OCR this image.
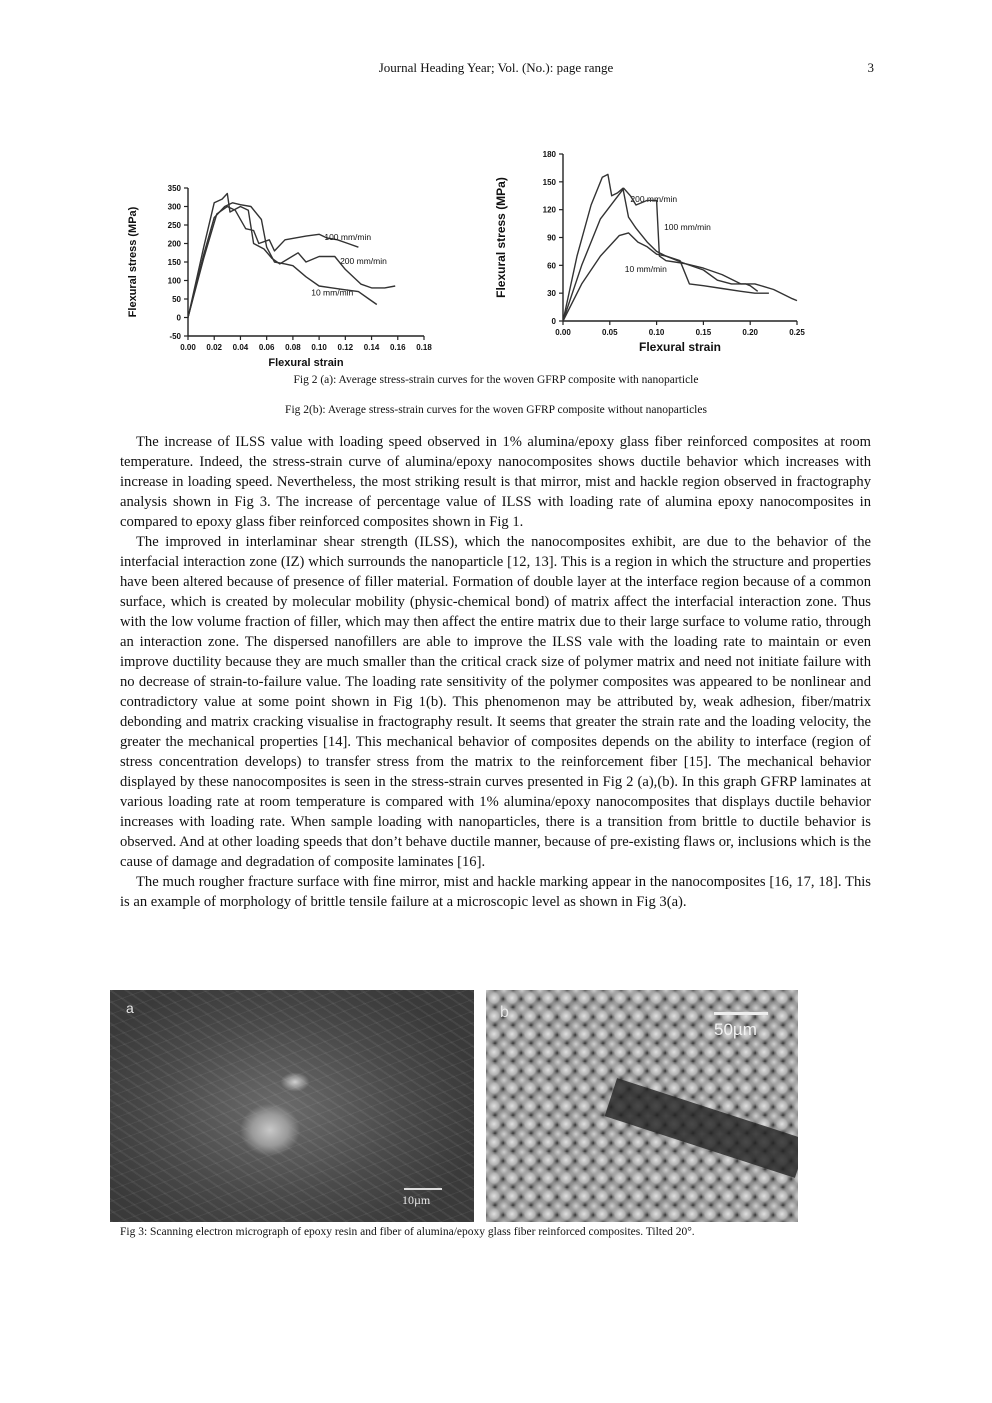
Journal Heading Year; Vol. (No.): page range	3
-50
0
50
100
150
200
250
300
350
0.00 0.02 0.04 0.06 0.08 0.10 0.12 0.14 0.16 0.18
Flexural strain
Flexural stress (MPa)	100 mm/min
200 mm/min
10 mm/min
0
30
60
90
120
150
180
0.00	0.05	0.10	0.15	0.20	0.25
Flexural strain
Flexural stress (MPa)	200 mm/min
100 mm/min
10 mm/min
Fig 2 (a): Average stress-strain curves for the woven GFRP composite with nanoparticle
Fig 2(b): Average stress-strain curves for the woven GFRP composite without nanoparticles

The increase of ILSS value with loading speed observed in 1% alumina/epoxy glass fiber reinforced composites at room temperature. Indeed, the stress-strain curve of alumina/epoxy nanocomposites shows ductile behavior which increases with increase in loading speed. Nevertheless, the most striking result is that mirror, mist and hackle region observed in fractography analysis shown in Fig 3. The increase of percentage value of ILSS with loading rate of alumina epoxy nanocomposites in compared to epoxy glass fiber reinforced composites shown in Fig 1.

The improved in interlaminar shear strength (ILSS), which the nanocomposites exhibit, are due to the behavior of the interfacial interaction zone (IZ) which surrounds the nanoparticle [12, 13]. This is a region in which the structure and properties have been altered because of presence of filler material. Formation of double layer at the interface region because of a common surface, which is created by molecular mobility (physic-chemical bond) of matrix affect the interfacial interaction zone. Thus with the low volume fraction of filler, which may then affect the entire matrix due to their large surface to volume ratio, through an interaction zone. The dispersed nanofillers are able to improve the ILSS vale with the loading rate to maintain or even improve ductility because they are much smaller than the critical crack size of polymer matrix and need not initiate failure with no decrease of strain-to-failure value. The loading rate sensitivity of the polymer composites was appeared to be nonlinear and contradictory value at some point shown in Fig 1(b). This phenomenon may be attributed by, weak adhesion, fiber/matrix debonding and matrix cracking visualise in fractography result. It seems that greater the strain rate and the loading velocity, the greater the mechanical properties [14]. This mechanical behavior of composites depends on the ability to interface (region of stress concentration develops) to transfer stress from the matrix to the reinforcement fiber [15]. The mechanical behavior displayed by these nanocomposites is seen in the stress-strain curves presented in Fig 2 (a),(b). In this graph GFRP laminates at various loading rate at room temperature is compared with 1% alumina/epoxy nanocomposites that displays ductile behavior increases with loading rate. When sample loading with nanoparticles, there is a transition from brittle to ductile behavior is observed. And at other loading speeds that don’t behave ductile manner, because of pre-existing flaws or, inclusions which is the cause of damage and degradation of composite laminates [16].

The much rougher fracture surface with fine mirror, mist and hackle marking appear in the nanocomposites [16, 17, 18]. This is an example of morphology of brittle tensile failure at a microscopic level as shown in Fig 3(a).

a
10µm
b
50µm
Fig 3: Scanning electron micrograph of epoxy resin and fiber of alumina/epoxy glass fiber reinforced composites. Tilted 20°.
